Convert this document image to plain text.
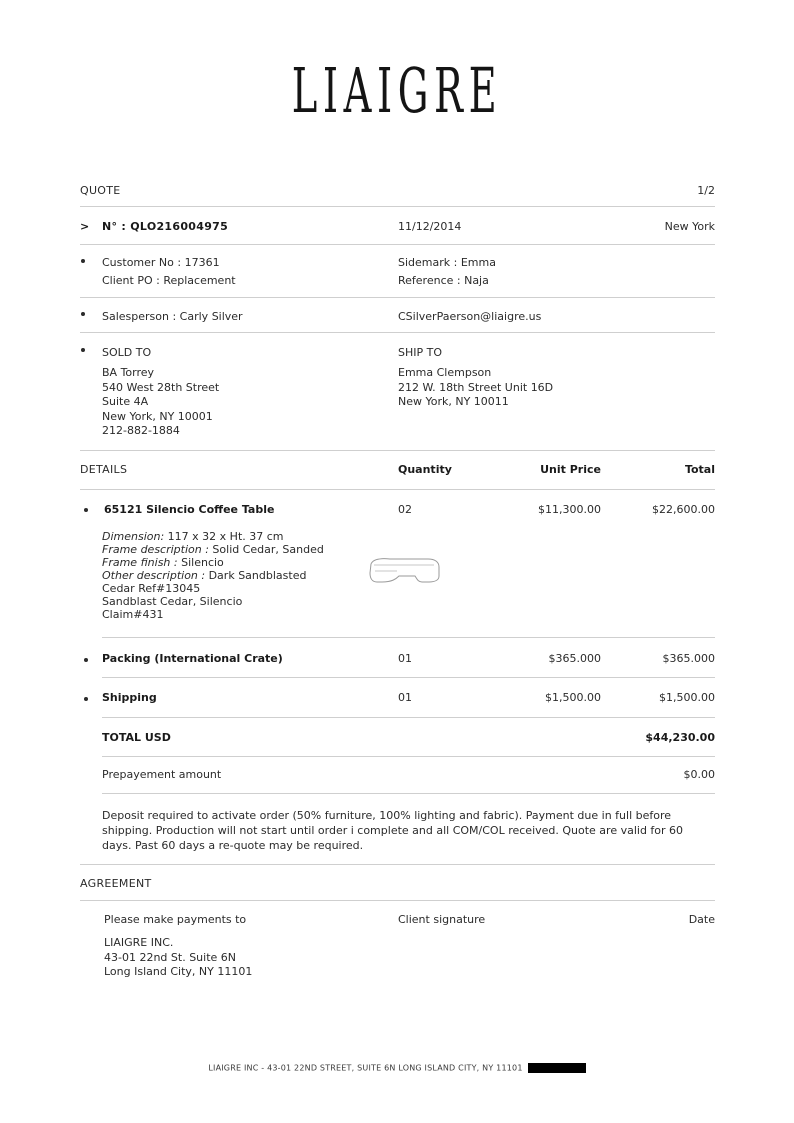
LIAIGRE
QUOTE	1/2
> N° : QLO216004975	11/12/2014	New York
Customer No : 17361
Client PO : Replacement
Sidemark : Emma
Reference : Naja
Salesperson : Carly Silver	CSilverPaerson@liaigre.us
SOLD TO
BA Torrey
540 West 28th Street
Suite 4A
New York, NY 10001
212-882-1884
SHIP TO
Emma Clempson
212 W. 18th Street Unit 16D
New York, NY 10011
DETAILS	Quantity	Unit Price	Total
65121 Silencio Coffee Table	02	$11,300.00	$22,600.00
Dimension: 117 x 32 x Ht. 37 cm
Frame description : Solid Cedar, Sanded
Frame finish : Silencio
Other description : Dark Sandblasted
Cedar Ref#13045
Sandblast Cedar, Silencio
Claim#431
Packing (International Crate)	01	$365.000	$365.000
Shipping	01	$1,500.00	$1,500.00
TOTAL USD	$44,230.00
Prepayement amount	$0.00
Deposit required to activate order (50% furniture, 100% lighting and fabric). Payment due in full before shipping. Production will not start until order i complete and all COM/COL received. Quote are valid for 60 days. Past 60 days a re-quote may be required.
AGREEMENT
Please make payments to	Client signature	Date
LIAIGRE INC.
43-01 22nd St. Suite 6N
Long Island City, NY 11101
LIAIGRE INC - 43-01 22ND STREET, SUITE 6N LONG ISLAND CITY, NY 11101
